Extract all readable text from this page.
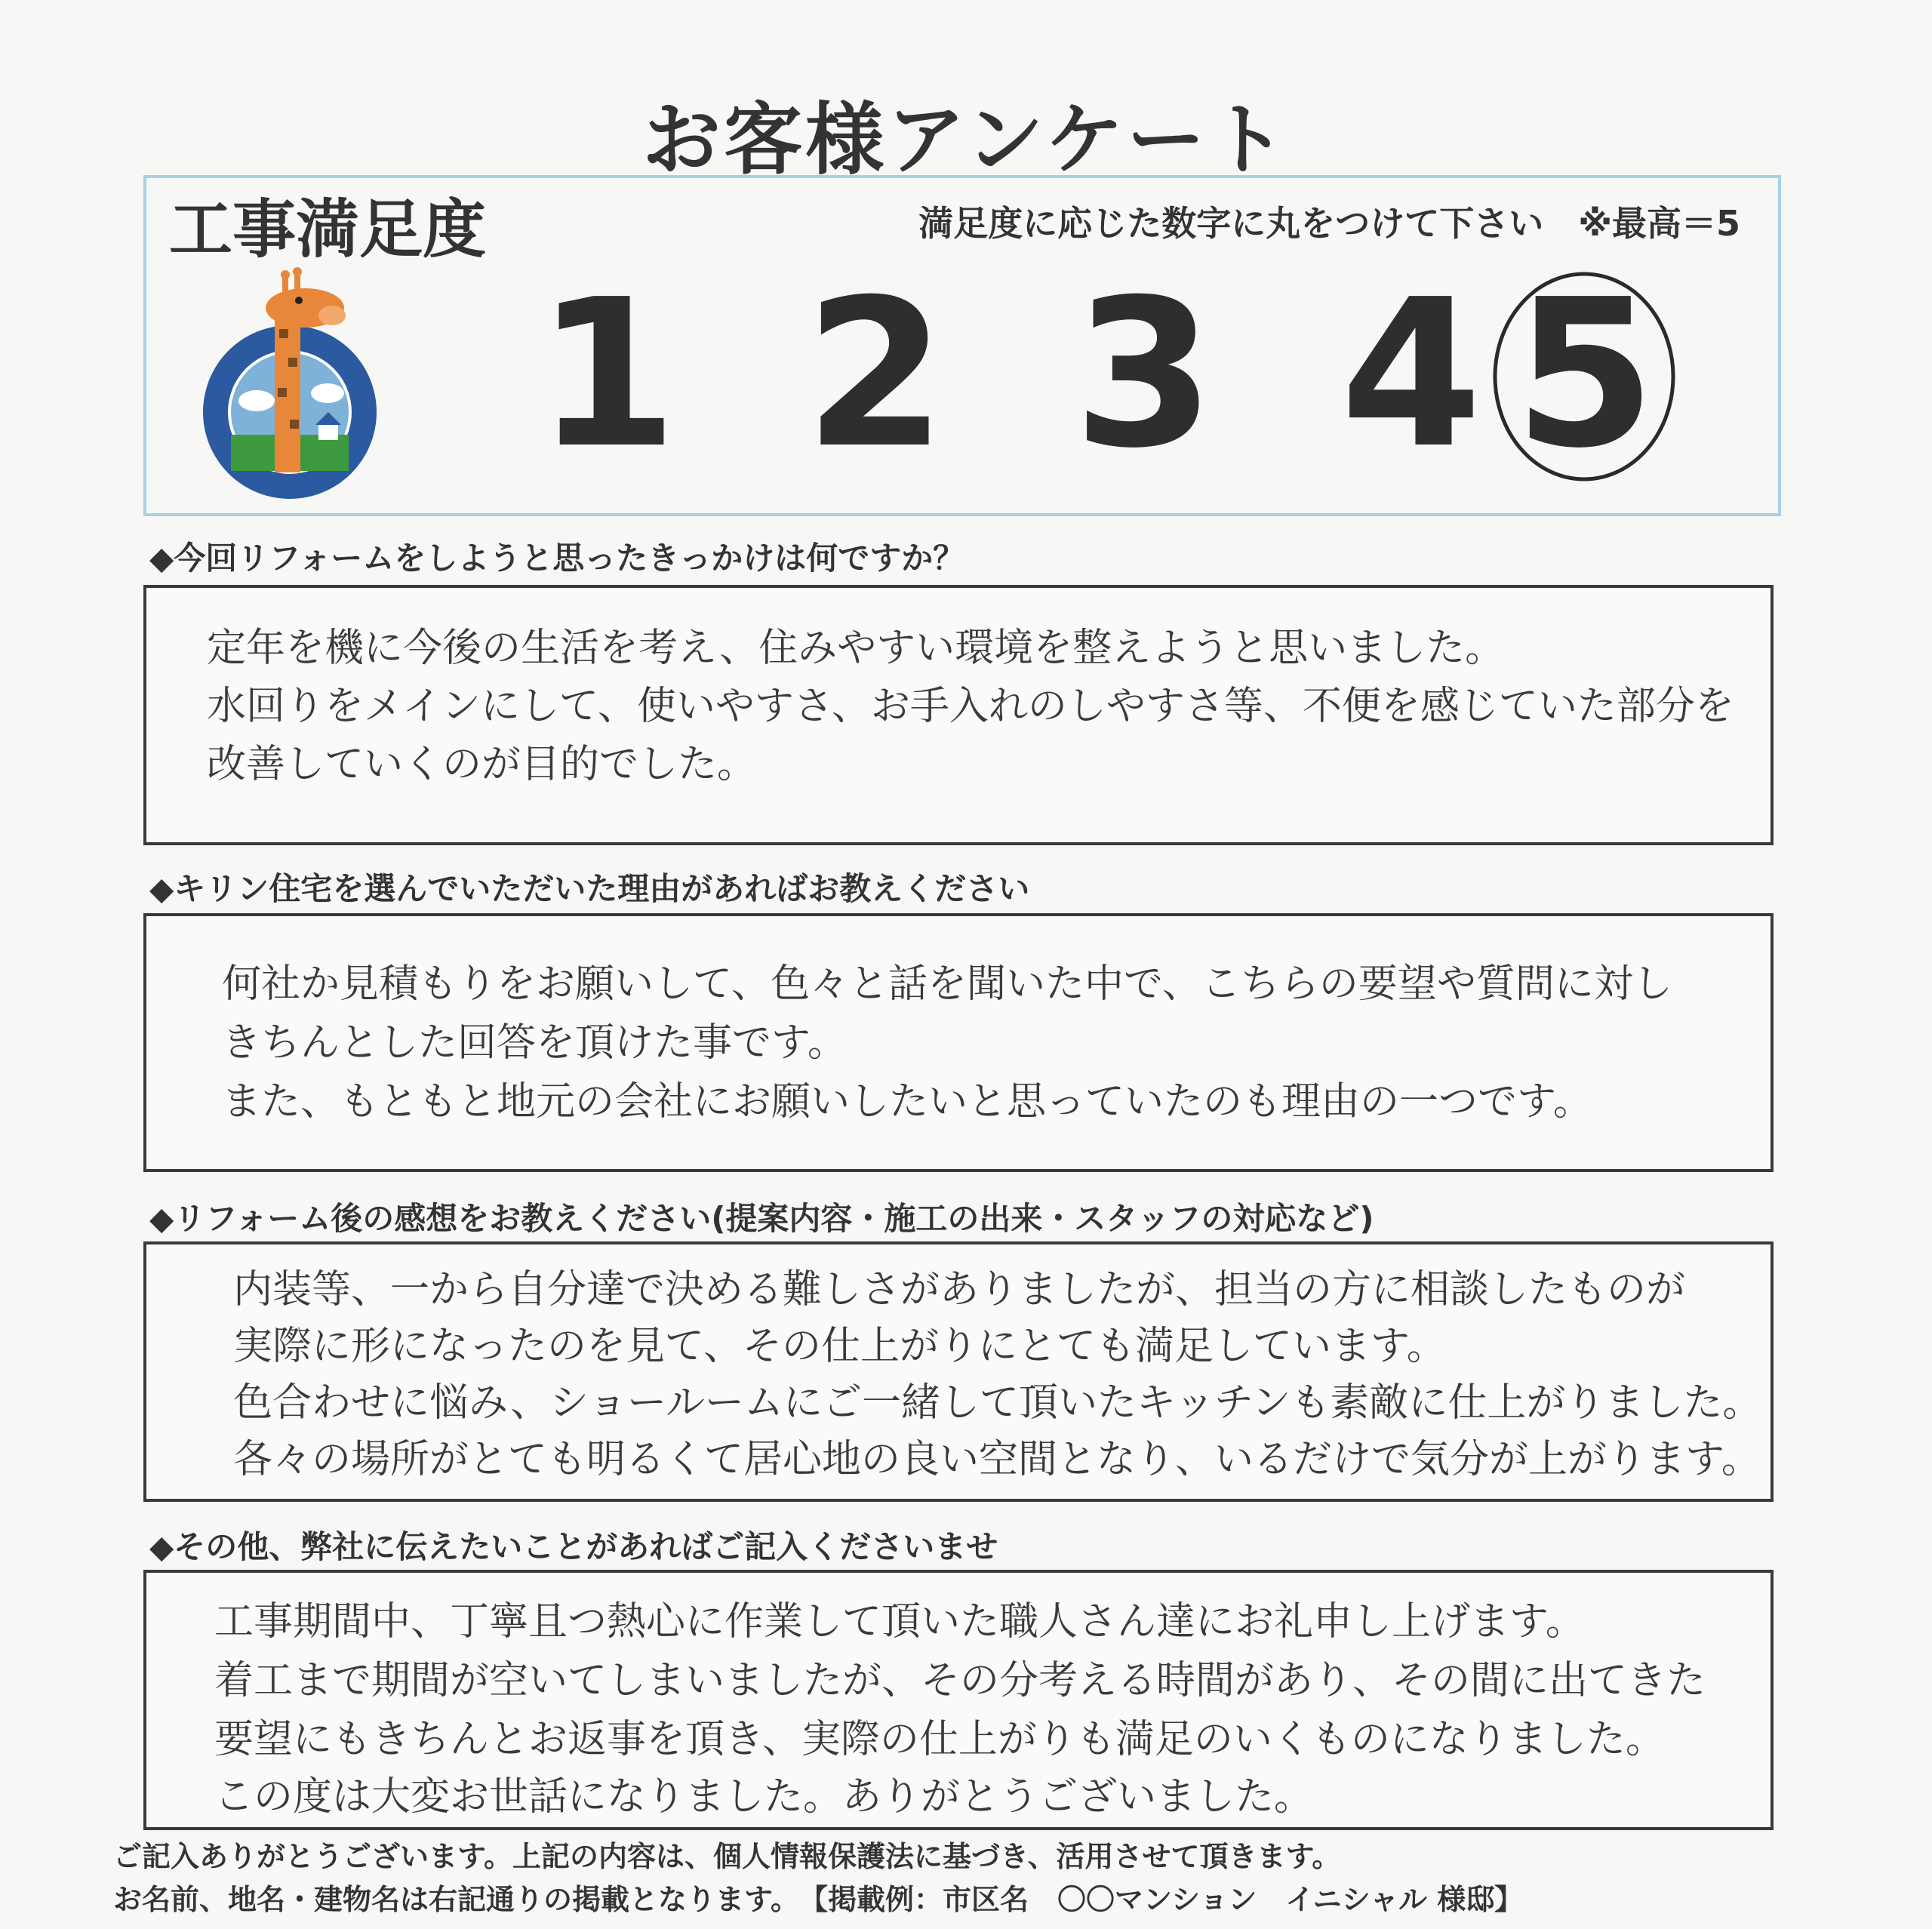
お客様アンケート
工事満足度	満足度に応じた数字に丸をつけて下さい　※最高＝5
1 2 3 4 5
◆今回リフォームをしようと思ったきっかけは何ですか？
定年を機に今後の生活を考え、住みやすい環境を整えようと思いました。
水回りをメインにして、使いやすさ、お手入れのしやすさ等、不便を感じていた部分を
改善していくのが目的でした。
◆キリン住宅を選んでいただいた理由があればお教えください
何社か見積もりをお願いして、色々と話を聞いた中で、こちらの要望や質問に対し
きちんとした回答を頂けた事です。
また、もともと地元の会社にお願いしたいと思っていたのも理由の一つです。
◆リフォーム後の感想をお教えください(提案内容・施工の出来・スタッフの対応など)
内装等、一から自分達で決める難しさがありましたが、担当の方に相談したものが
実際に形になったのを見て、その仕上がりにとても満足しています。
色合わせに悩み、ショールームにご一緒して頂いたキッチンも素敵に仕上がりました。
各々の場所がとても明るくて居心地の良い空間となり、いるだけで気分が上がります。
◆その他、弊社に伝えたいことがあればご記入くださいませ
工事期間中、丁寧且つ熱心に作業して頂いた職人さん達にお礼申し上げます。
着工まで期間が空いてしまいましたが、その分考える時間があり、その間に出てきた
要望にもきちんとお返事を頂き、実際の仕上がりも満足のいくものになりました。
この度は大変お世話になりました。ありがとうございました。
ご記入ありがとうございます。上記の内容は、個人情報保護法に基づき、活用させて頂きます。
お名前、地名・建物名は右記通りの掲載となります。　【掲載例：市区名　〇〇マンション　イニシャル 様邸】
